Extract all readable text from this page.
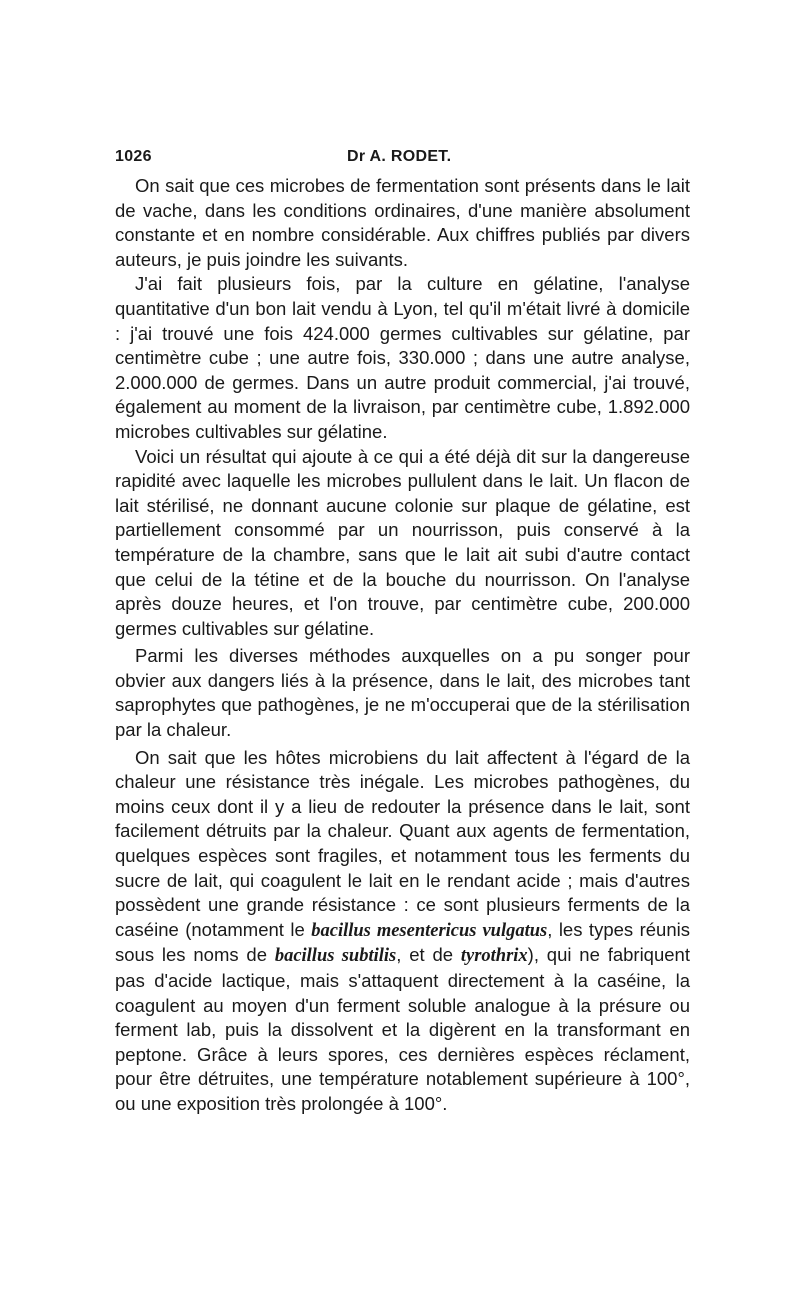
1026	Dr A. RODET.

On sait que ces microbes de fermentation sont présents dans le lait de vache, dans les conditions ordinaires, d'une manière absolument constante et en nombre considérable. Aux chiffres publiés par divers auteurs, je puis joindre les suivants.

J'ai fait plusieurs fois, par la culture en gélatine, l'analyse quantitative d'un bon lait vendu à Lyon, tel qu'il m'était livré à domicile : j'ai trouvé une fois 424.000 germes cultivables sur gélatine, par centimètre cube ; une autre fois, 330.000 ; dans une autre analyse, 2.000.000 de germes. Dans un autre produit commercial, j'ai trouvé, également au moment de la livraison, par centimètre cube, 1.892.000 microbes cultivables sur gélatine.

Voici un résultat qui ajoute à ce qui a été déjà dit sur la dangereuse rapidité avec laquelle les microbes pullulent dans le lait. Un flacon de lait stérilisé, ne donnant aucune colonie sur plaque de gélatine, est partiellement consommé par un nourrisson, puis conservé à la température de la chambre, sans que le lait ait subi d'autre contact que celui de la tétine et de la bouche du nourrisson. On l'analyse après douze heures, et l'on trouve, par centimètre cube, 200.000 germes cultivables sur gélatine.

Parmi les diverses méthodes auxquelles on a pu songer pour obvier aux dangers liés à la présence, dans le lait, des microbes tant saprophytes que pathogènes, je ne m'occuperai que de la stérilisation par la chaleur.

On sait que les hôtes microbiens du lait affectent à l'égard de la chaleur une résistance très inégale. Les microbes pathogènes, du moins ceux dont il y a lieu de redouter la présence dans le lait, sont facilement détruits par la chaleur. Quant aux agents de fermentation, quelques espèces sont fragiles, et notamment tous les ferments du sucre de lait, qui coagulent le lait en le rendant acide ; mais d'autres possèdent une grande résistance : ce sont plusieurs ferments de la caséine (notamment le bacillus mesentericus vulgatus, les types réunis sous les noms de bacillus subtilis, et de tyrothrix), qui ne fabriquent pas d'acide lactique, mais s'attaquent directement à la caséine, la coagulent au moyen d'un ferment soluble analogue à la présure ou ferment lab, puis la dissolvent et la digèrent en la transformant en peptone. Grâce à leurs spores, ces dernières espèces réclament, pour être détruites, une température notablement supérieure à 100°, ou une exposition très prolongée à 100°.
